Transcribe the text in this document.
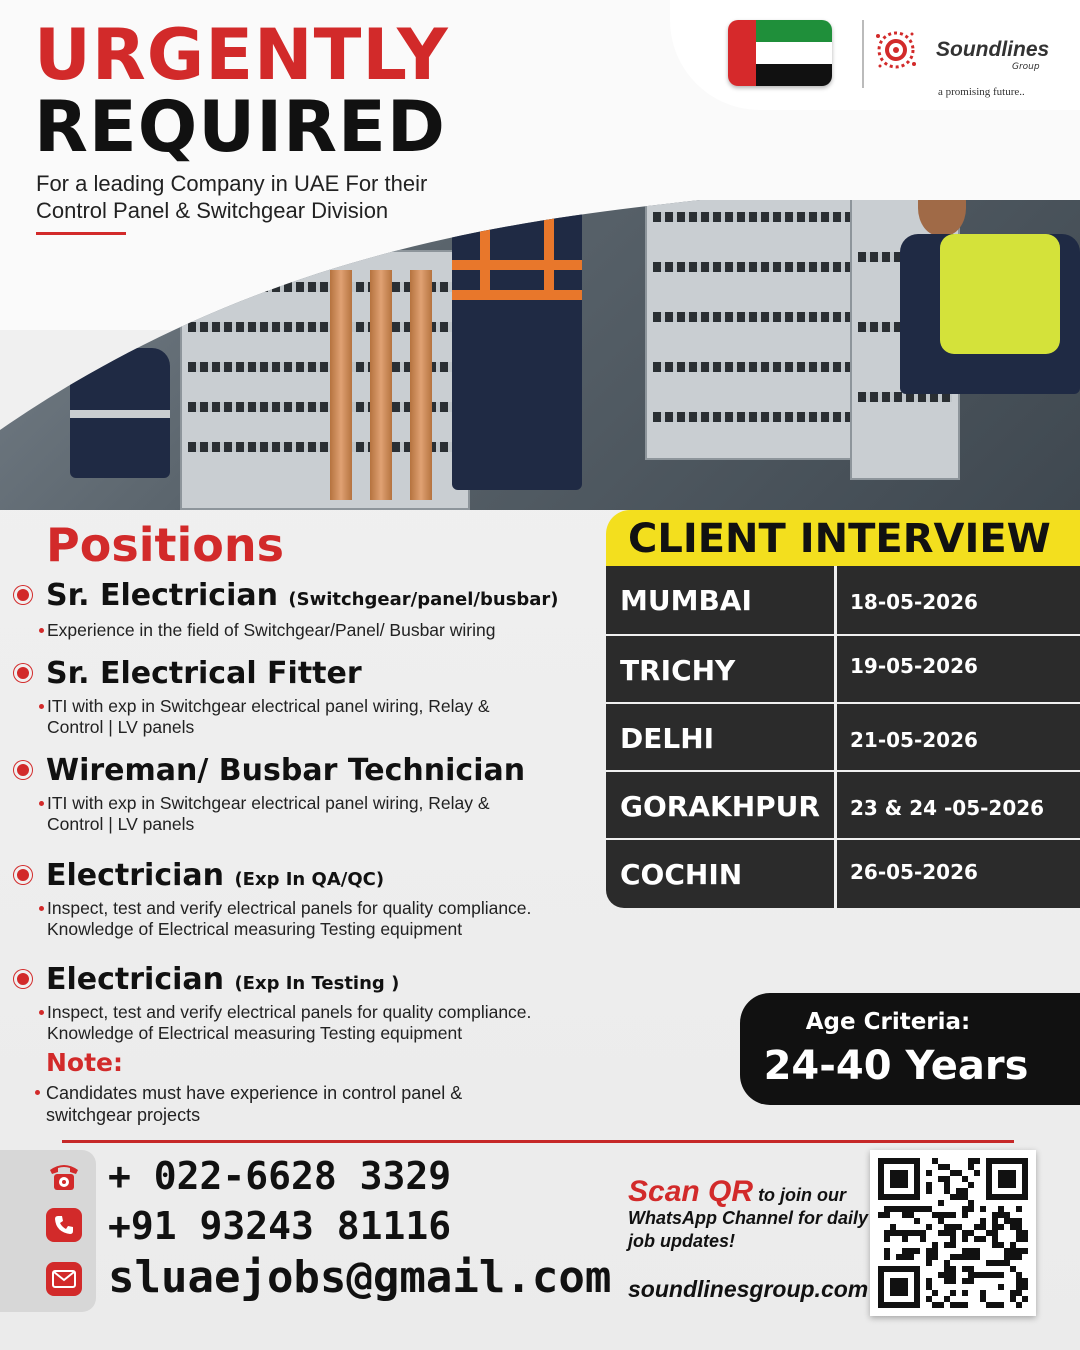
Soundlines
Group
a promising future..
URGENTLY
REQUIRED
For a leading Company in UAE For their Control Panel & Switchgear Division
Positions
Sr. Electrician (Switchgear/panel/busbar)
Experience in the field of Switchgear/Panel/ Busbar wiring
Sr. Electrical Fitter
ITI with exp in Switchgear electrical panel wiring, Relay & Control | LV panels
Wireman/ Busbar Technician
ITI with exp in Switchgear electrical panel wiring, Relay & Control | LV panels
Electrician (Exp In QA/QC)
Inspect, test and verify electrical panels for quality compliance. Knowledge of Electrical measuring Testing equipment
Electrician (Exp In Testing )
Inspect, test and verify electrical panels for quality compliance. Knowledge of Electrical measuring Testing equipment
Note:
Candidates must have experience in control panel & switchgear projects
CLIENT INTERVIEW
MUMBAI	18-05-2026
TRICHY	19-05-2026
DELHI	21-05-2026
GORAKHPUR 23 & 24 -05-2026
COCHIN	26-05-2026
Age Criteria:
24-40 Years
+ 022-6628 3329
+91 93243 81116
sluaejobs@gmail.com
Scan QR to join our WhatsApp Channel for daily job updates!
soundlinesgroup.com
